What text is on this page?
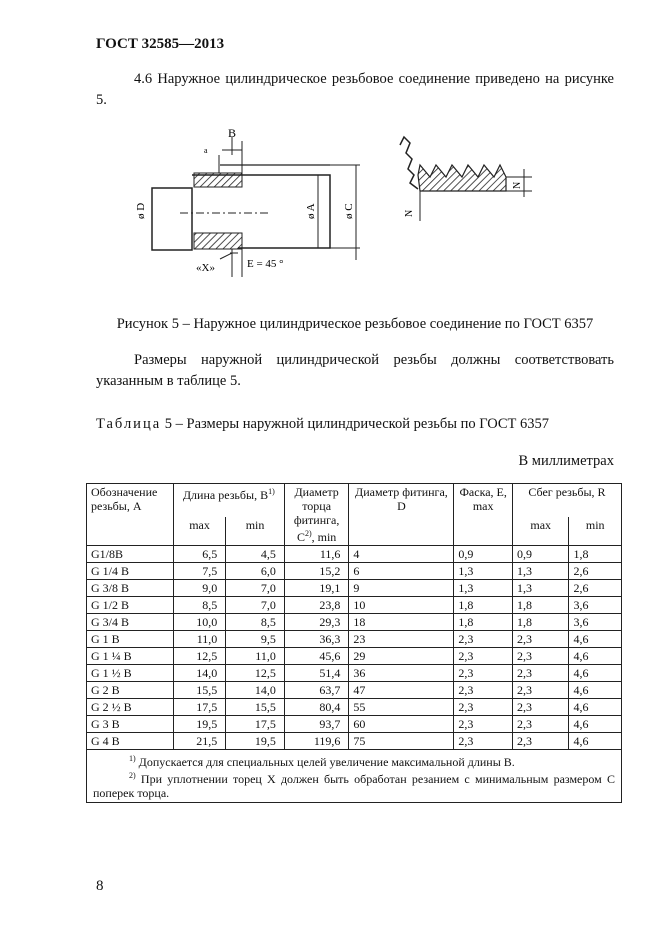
ГОСТ 32585—2013

4.6 Наружное цилиндрическое резьбовое соединение приведено на рисунке 5.

B
a
ø D	ø A ø C
«X»	E = 45 °
N
N
Рисунок 5 – Наружное цилиндрическое резьбовое соединение по ГОСТ 6357

Размеры наружной цилиндрической резьбы должны соответствовать указанным в таблице 5.

Таблица 5 – Размеры наружной цилиндрической резьбы по ГОСТ 6357
В миллиметрах
Обозначение резьбы, A	Длина резьбы, $B^{1)}$		Диаметр торца фитинга, $C^{2)}$, min	Диаметр фитинга, D	Фаска, E, max	Сбег резьбы, R	
	max	min				max	min
G1/8B	6,5	4,5	11,6	4	0,9	0,9	1,8
G 1/4 B	7,5	6,0	15,2	6	1,3	1,3	2,6
G 3/8 B	9,0	7,0	19,1	9	1,3	1,3	2,6
G 1/2 B	8,5	7,0	23,8	10	1,8	1,8	3,6
G 3/4 B	10,0	8,5	29,3	18	1,8	1,8	3,6
G 1 B	11,0	9,5	36,3	23	2,3	2,3	4,6
G 1 ¼ B	12,5	11,0	45,6	29	2,3	2,3	4,6
G 1 ½ B	14,0	12,5	51,4	36	2,3	2,3	4,6
G 2 B	15,5	14,0	63,7	47	2,3	2,3	4,6
G 2 ½ B	17,5	15,5	80,4	55	2,3	2,3	4,6
G 3 B	19,5	17,5	93,7	60	2,3	2,3	4,6
G 4 B	21,5	19,5	119,6	75	2,3	2,3	4,6

$^{1)}$ Допускается для специальных целей увеличение максимальной длины B.
$^{2)}$ При уплотнении торец X должен быть обработан резанием с минимальным размером C поперек торца.							
8
